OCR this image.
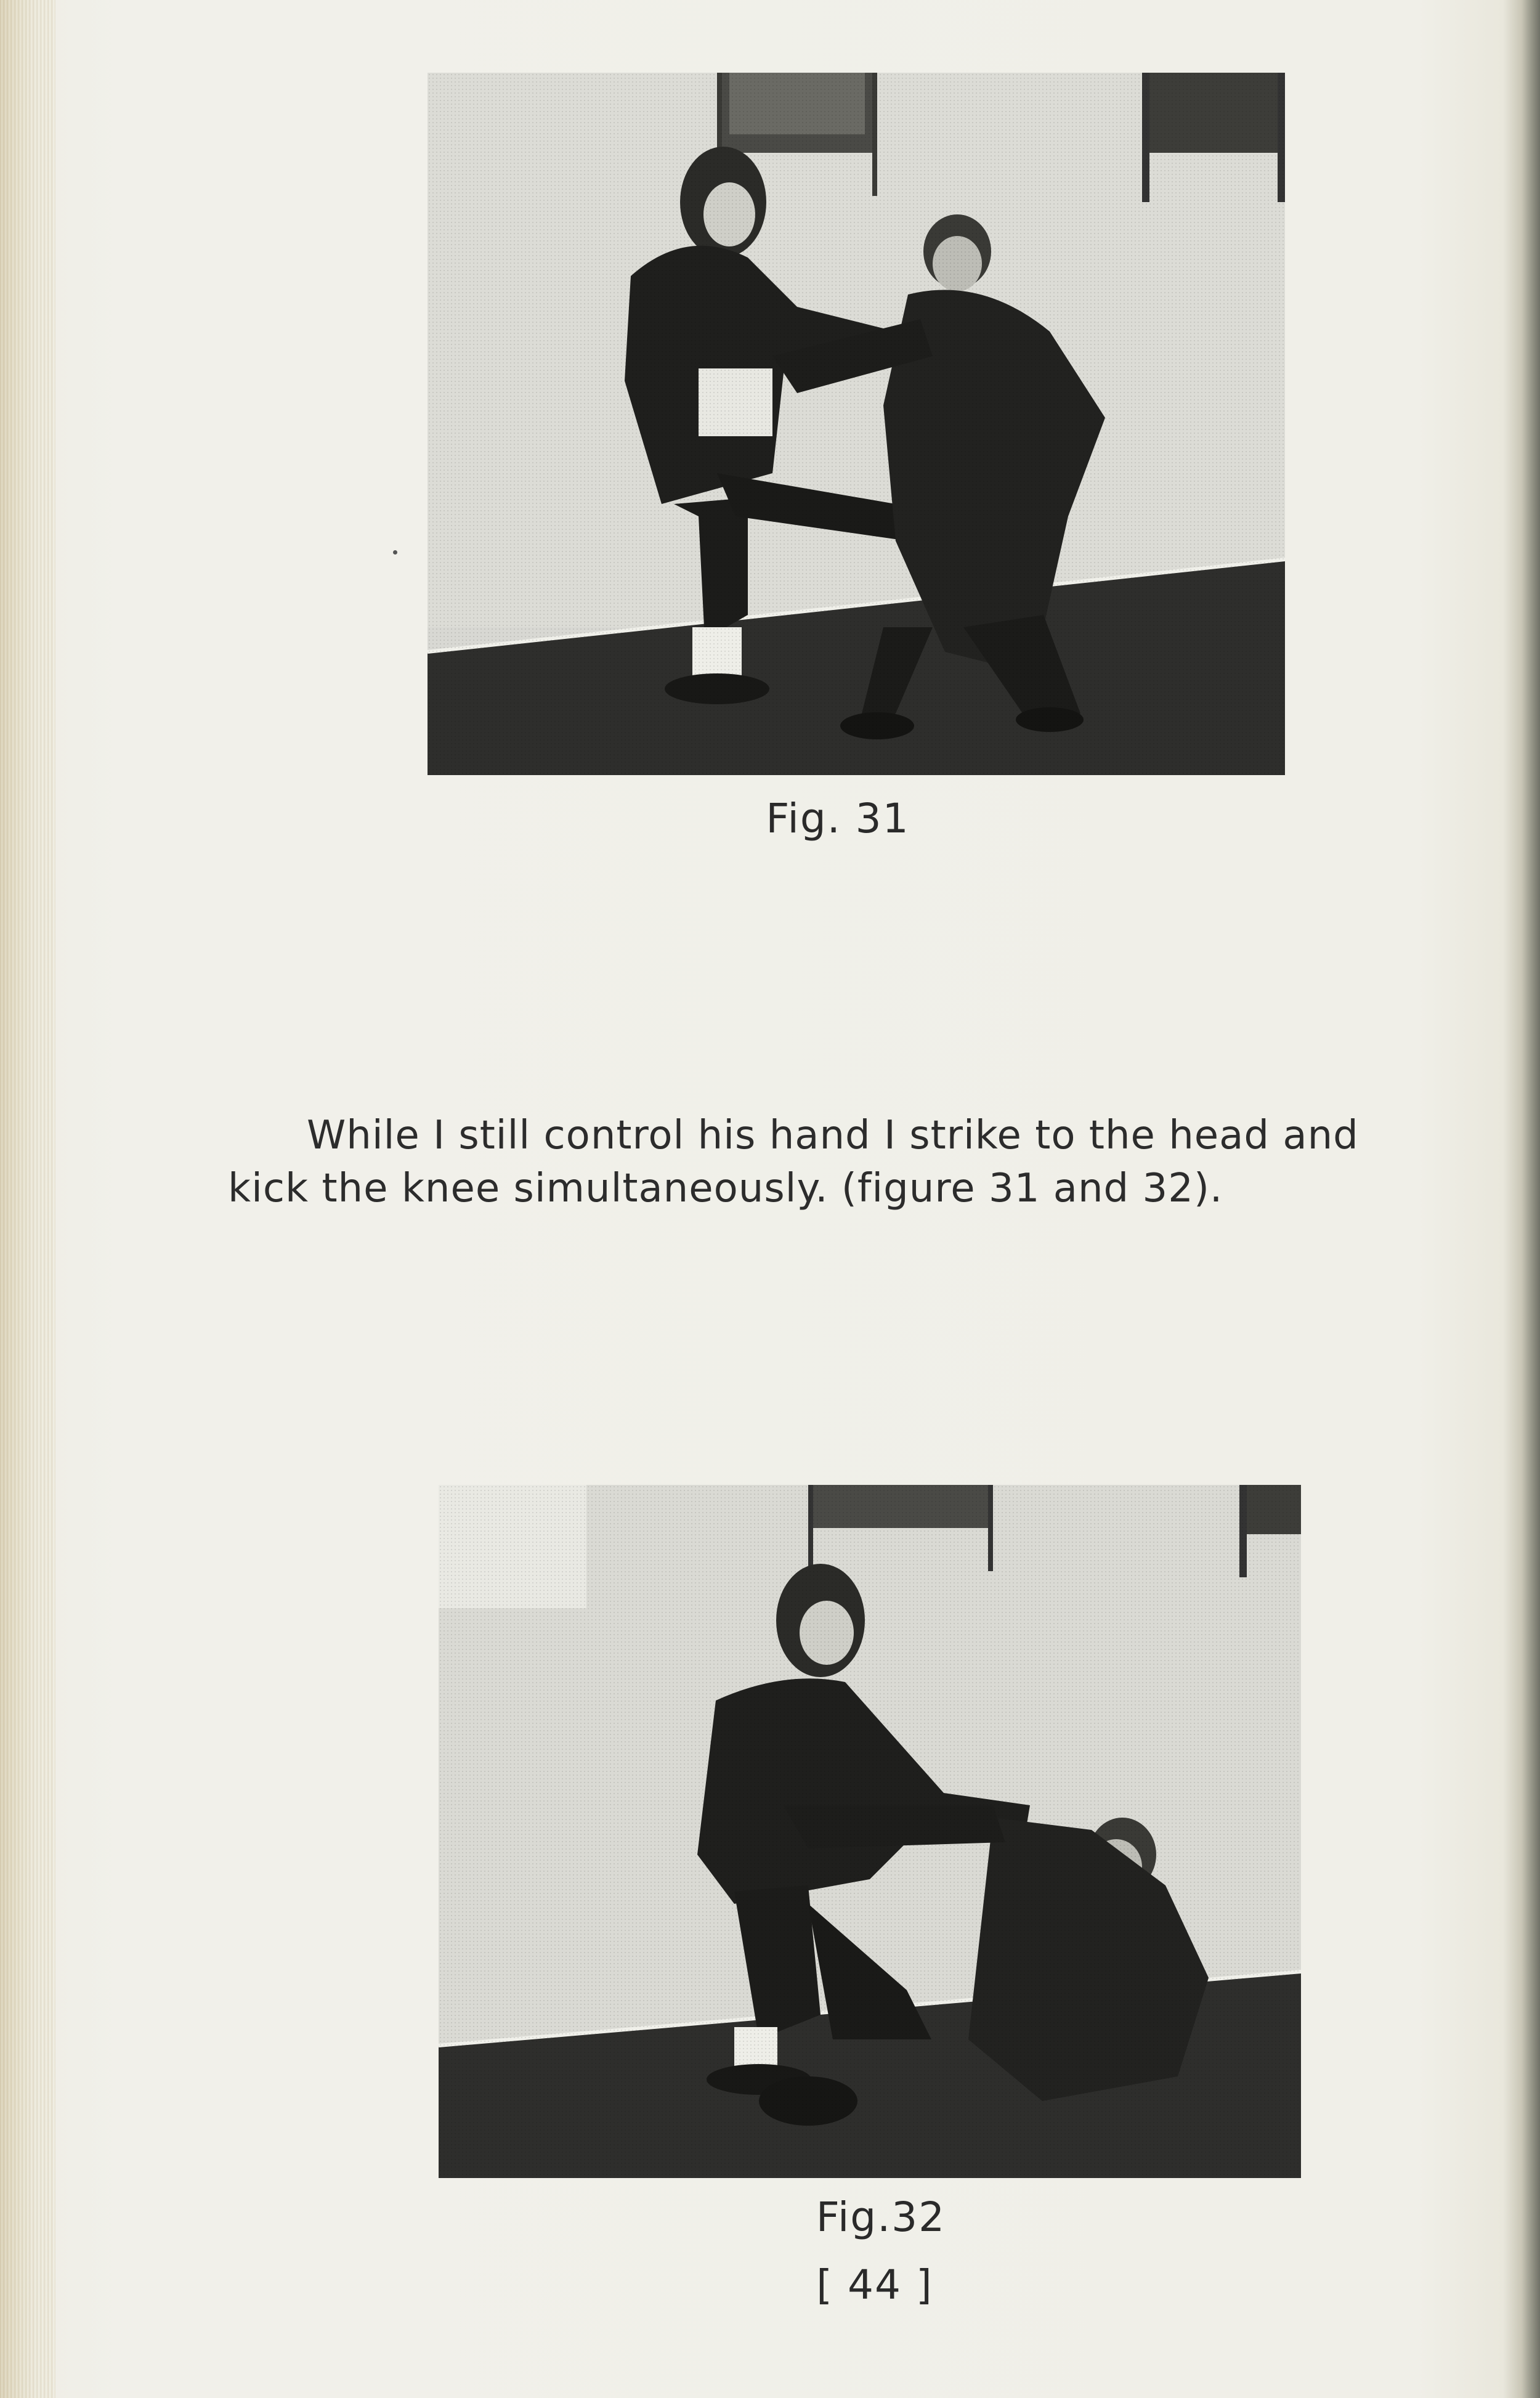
Fig. 31
While I still control his hand I strike to the head and
kick the knee simultaneously. (figure 31 and 32).
Fig.32
[ 44 ]
